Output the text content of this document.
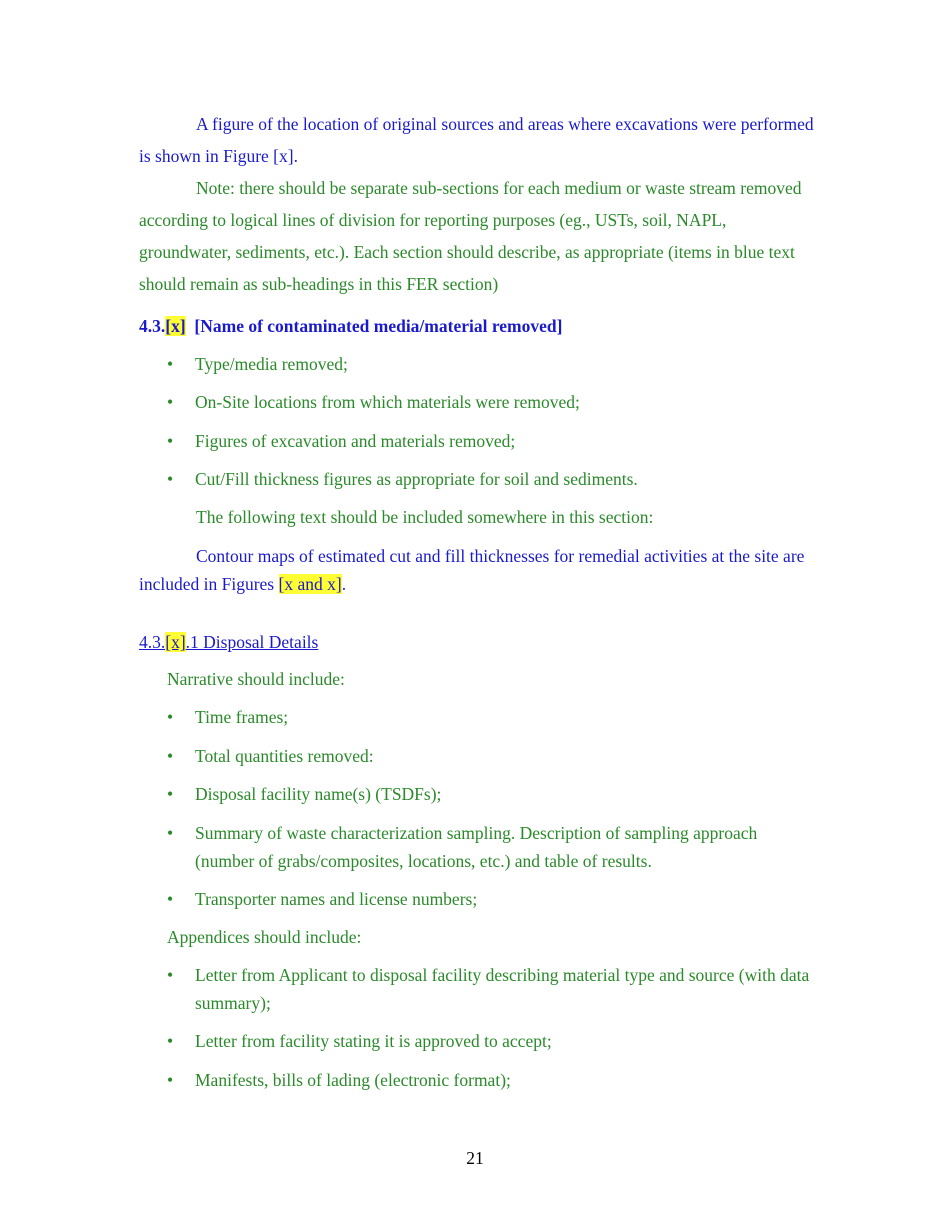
A figure of the location of original sources and areas where excavations were performed is shown in Figure [x].

Note: there should be separate sub-sections for each medium or waste stream removed according to logical lines of division for reporting purposes (eg., USTs, soil, NAPL, groundwater, sediments, etc.). Each section should describe, as appropriate (items in blue text should remain as sub-headings in this FER section)

4.3.[x] [Name of contaminated media/material removed]

•	Type/media removed;
•	On-Site locations from which materials were removed;
•	Figures of excavation and materials removed;
•	Cut/Fill thickness figures as appropriate for soil and sediments.

The following text should be included somewhere in this section:

Contour maps of estimated cut and fill thicknesses for remedial activities at the site are included in Figures [x and x].

4.3.[x].1 Disposal Details

Narrative should include:

•	Time frames;
•	Total quantities removed:
•	Disposal facility name(s) (TSDFs);
•	Summary of waste characterization sampling. Description of sampling approach (number of grabs/composites, locations, etc.) and table of results.
•	Transporter names and license numbers;

Appendices should include:

•	Letter from Applicant to disposal facility describing material type and source (with data summary);
•	Letter from facility stating it is approved to accept;
•	Manifests, bills of lading (electronic format);
21
